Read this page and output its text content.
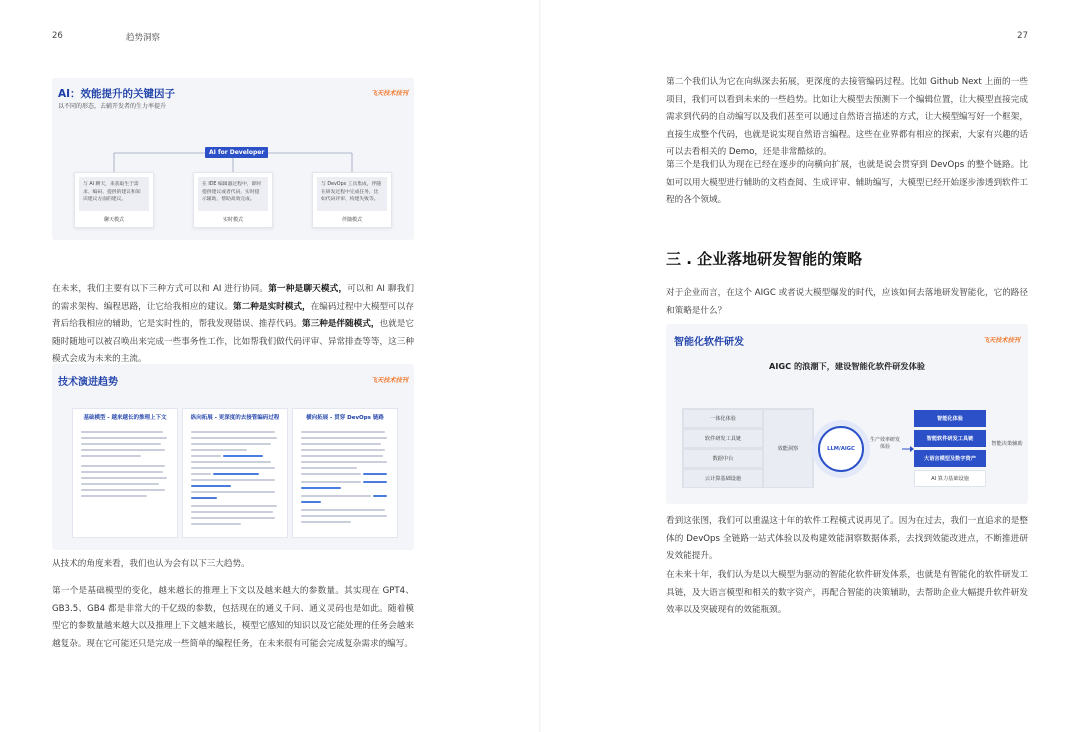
26	趋势洞察
AI：效能提升的关键因子
以不同的形态，去辅开发者的生力率提升
飞天技术技刊
AI for Developer
与 AI 聊天，来获取生于需求、编码、提供的建议和知识建议方面的建议。
聊天模式
在 IDE 编辑器过程中，即时提供建议或者代码，实时提示辅助，帮助高效完成。
实时模式
与 DevOps 工具集成，伴随在研发过程中完成任务，比如代码评审、构建失败等。
伴随模式
在未来，我们主要有以下三种方式可以和 AI 进行协同。第一种是聊天模式，可以和 AI 聊我们的需求架构、编程思路，让它给我相应的建议。第二种是实时模式，在编码过程中大模型可以存背后给我相应的辅助，它是实时性的，帮我发现错误、推荐代码。第三种是伴随模式，也就是它随时随地可以被召唤出来完成一些事务性工作，比如帮我们做代码评审、异常排查等等，这三种模式会成为未来的主流。
技术演进趋势	飞天技术技刊
基础模型 - 越来越长的推理上下文	纵向拓展 - 更深度的去接管编码过程	横向拓展 - 贯穿 DevOps 链路
从技术的角度来看，我们也认为会有以下三大趋势。
第一个是基础模型的变化，越来越长的推理上下文以及越来越大的参数量。其实现在 GPT4、GB3.5、GB4 都是非常大的千亿级的参数，包括现在的通义千问、通义灵码也是如此。随着模型它的参数量越来越大以及推理上下文越来越长，模型它感知的知识以及它能处理的任务会越来越复杂。现在它可能还只是完成一些简单的编程任务，在未来很有可能会完成复杂需求的编写。
27
第二个我们认为它在向纵深去拓展，更深度的去接管编码过程。比如 Github Next 上面的一些项目，我们可以看到未来的一些趋势。比如让大模型去预测下一个编辑位置，让大模型直接完成需求到代码的自动编写以及我们甚至可以通过自然语言描述的方式，让大模型编写好一个框架，直接生成整个代码，也就是说实现自然语言编程。这些在业界都有相应的探索，大家有兴趣的话可以去看相关的 Demo，还是非常酷炫的。
第三个是我们认为现在已经在逐步的向横向扩展，也就是说会贯穿到 DevOps 的整个链路。比如可以用大模型进行辅助的文档查阅、生成评审、辅助编写，大模型已经开始逐步渗透到软件工程的各个领域。
三 . 企业落地研发智能的策略
对于企业而言，在这个 AIGC 或者说大模型爆发的时代，应该如何去落地研发智能化，它的路径和策略是什么？
智能化软件研发	飞天技术技刊
AIGC 的浪潮下，建设智能化软件研发体验
一体化体验
软件研发工具链
数据中台
云计算基础设施
效能洞察	LLM/AIGC
生产效率研发体验
智能化体验
智能软件研发工具链
大语言模型及数字资产
AI 算力基础设施
智能决策辅助
看到这张图，我们可以重温这十年的软件工程模式说再见了。因为在过去，我们一直追求的是整体的 DevOps 全链路一站式体验以及构建效能洞察数据体系，去找到效能改进点，不断推进研发效能提升。
在未来十年，我们认为是以大模型为驱动的智能化软件研发体系，也就是有智能化的软件研发工具链，及大语言模型和相关的数字资产，再配合智能的决策辅助，去帮助企业大幅提升软件研发效率以及突破现有的效能瓶颈。
